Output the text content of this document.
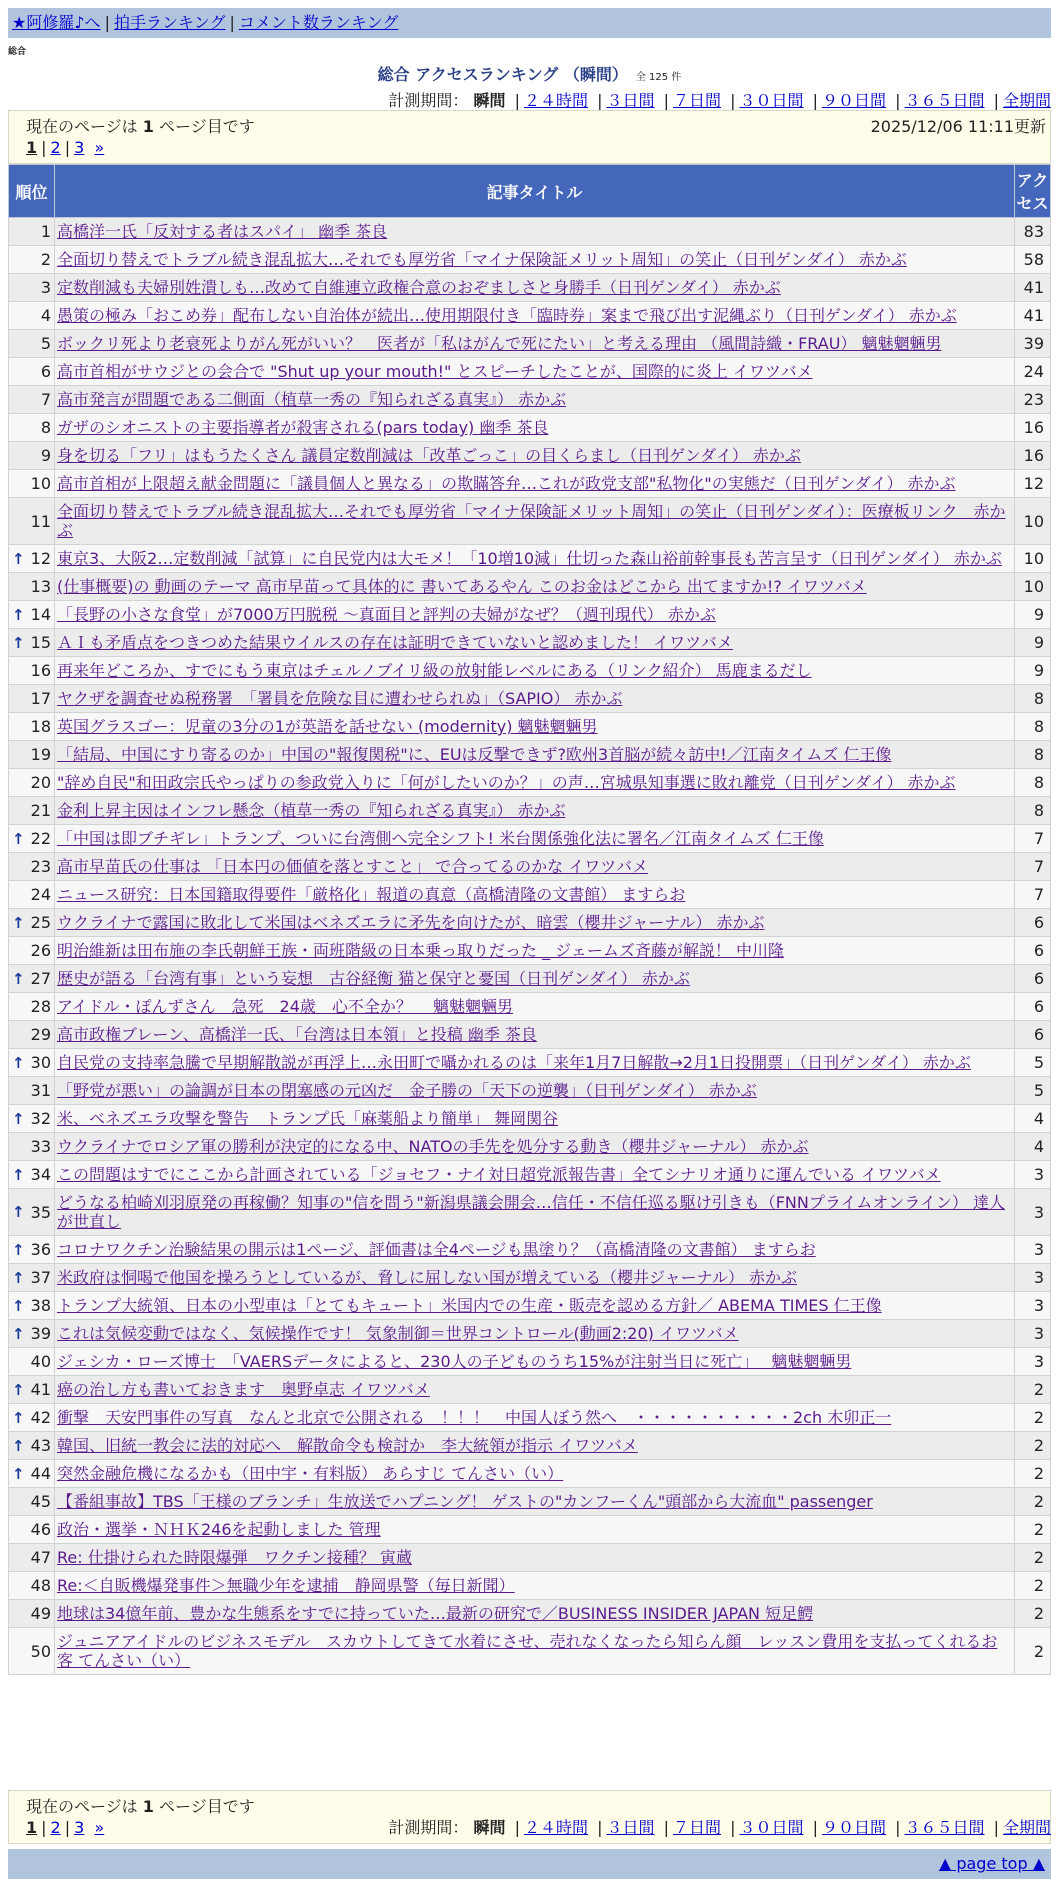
★阿修羅♪へ | 拍手ランキング | コメント数ランキング
総合
総合 アクセスランキング （瞬間） 全 125 件
計測期間： 瞬間 | ２４時間 | ３日間 | ７日間 | ３０日間 | ９０日間 | ３６５日間 | 全期間
現在のページは 1 ページ目です	2025/12/06 11:11更新
1 | 2 | 3 »
順位	記事タイトル	アクセス
1	高橋洋一氏「反対する者はスパイ」 幽季 茶良	83
2	全面切り替えでトラブル続き混乱拡大…それでも厚労省「マイナ保険証メリット周知」の笑止（日刊ゲンダイ） 赤かぶ	58
3	定数削減も夫婦別姓潰しも…改めて自維連立政権合意のおぞましさと身勝手（日刊ゲンダイ） 赤かぶ	41
4	愚策の極み「おこめ券」配布しない自治体が続出…使用期限付き「臨時券」案まで飛び出す泥縄ぶり（日刊ゲンダイ） 赤かぶ	41
5	ボックリ死より老衰死よりがん死がいい？　医者が「私はがんで死にたい」と考える理由 （風間詩織・FRAU） 魑魅魍魎男	39
6	高市首相がサウジとの会合で "Shut up your mouth!" とスピーチしたことが、国際的に炎上 イワツバメ	24
7	高市発言が問題である二側面（植草一秀の『知られざる真実』） 赤かぶ	23
8	ガザのシオニストの主要指導者が殺害される(pars today) 幽季 茶良	16
9	身を切る「フリ」はもうたくさん 議員定数削減は「改革ごっこ」の目くらまし（日刊ゲンダイ） 赤かぶ	16
10	高市首相が上限超え献金問題に「議員個人と異なる」の欺瞞答弁…これが政党支部"私物化"の実態だ（日刊ゲンダイ） 赤かぶ	12
11	全面切り替えでトラブル続き混乱拡大…それでも厚労省「マイナ保険証メリット周知」の笑止（日刊ゲンダイ）：医療板リンク　赤かぶ	10

↑ 12	東京3、大阪2…定数削減「試算」に自民党内は大モメ！「10増10減」仕切った森山裕前幹事長も苦言呈す（日刊ゲンダイ） 赤かぶ	10
13	(仕事概要)の 動画のテーマ 高市早苗って具体的に 書いてあるやん このお金はどこから 出てますか!? イワツバメ	10

↑ 14	「長野の小さな食堂」が7000万円脱税 〜真面目と評判の夫婦がなぜ？（週刊現代） 赤かぶ	9

↑ 15	ＡＩも矛盾点をつきつめた結果ウイルスの存在は証明できていないと認めました！ イワツバメ	9
16	再来年どころか、すでにもう東京はチェルノブイリ級の放射能レベルにある（リンク紹介） 馬鹿まるだし	9
17	ヤクザを調査せぬ税務署　「署員を危険な目に遭わせられぬ」（SAPIO） 赤かぶ	8
18	英国グラスゴー：児童の3分の1が英語を話せない (modernity) 魑魅魍魎男	8
19	「結局、中国にすり寄るのか」中国の"報復関税"に、EUは反撃できず?欧州3首脳が続々訪中!／江南タイムズ 仁王像	8
20	"辞め自民"和田政宗氏やっぱりの参政党入りに「何がしたいのか？」の声…宮城県知事選に敗れ離党（日刊ゲンダイ） 赤かぶ	8
21	金利上昇主因はインフレ懸念（植草一秀の『知られざる真実』） 赤かぶ	8

↑ 22	「中国は即ブチギレ」トランプ、ついに台湾側へ完全シフト! 米台関係強化法に署名／江南タイムズ 仁王像	7
23	高市早苗氏の仕事は 「日本円の価値を落とすこと」 で合ってるのかな イワツバメ	7
24	ニュース研究：日本国籍取得要件「厳格化」報道の真意（高橋清隆の文書館） ますらお	7

↑ 25	ウクライナで露国に敗北して米国はベネズエラに矛先を向けたが、暗雲（櫻井ジャーナル） 赤かぶ	6
26	明治維新は田布施の李氏朝鮮王族・両班階級の日本乗っ取りだった _ ジェームズ斉藤が解説！ 中川隆	6

↑ 27	歴史が語る「台湾有事」という妄想　古谷経衡 猫と保守と憂国（日刊ゲンダイ） 赤かぶ	6
28	アイドル・ぽんずさん　急死　24歳　心不全か？　 魑魅魍魎男	6
29	高市政権ブレーン、高橋洋一氏、「台湾は日本領」と投稿 幽季 茶良	6

↑ 30	自民党の支持率急騰で早期解散説が再浮上…永田町で囁かれるのは「来年1月7日解散→2月1日投開票」（日刊ゲンダイ） 赤かぶ	5
31	「野党が悪い」の論調が日本の閉塞感の元凶だ　金子勝の「天下の逆襲」（日刊ゲンダイ） 赤かぶ	5

↑ 32	米、ベネズエラ攻撃を警告　トランプ氏「麻薬船より簡単」 舞岡関谷	4
33	ウクライナでロシア軍の勝利が決定的になる中、NATOの手先を処分する動き（櫻井ジャーナル） 赤かぶ	4

↑ 34	この問題はすでにここから計画されている「ジョセフ・ナイ対日超党派報告書」全てシナリオ通りに運んでいる イワツバメ	3

↑ 35	どうなる柏崎刈羽原発の再稼働？知事の"信を問う"新潟県議会開会…信任・不信任巡る駆け引きも（FNNプライムオンライン） 達人が世直し	3

↑ 36	コロナワクチン治験結果の開示は1ページ、評価書は全4ページも黒塗り？（高橋清隆の文書館） ますらお	3

↑ 37	米政府は恫喝で他国を操ろうとしているが、脅しに屈しない国が増えている（櫻井ジャーナル） 赤かぶ	3

↑ 38	トランプ大統領、日本の小型車は「とてもキュート」米国内での生産・販売を認める方針／ ABEMA TIMES 仁王像	3

↑ 39	これは気候変動ではなく、気候操作です！ 気象制御＝世界コントロール(動画2:20) イワツバメ	3
40	ジェシカ・ローズ博士　「VAERSデータによると、230人の子どものうち15%が注射当日に死亡」　 魑魅魍魎男	3

↑ 41	癌の治し方も書いておきます　奥野卓志 イワツバメ	2

↑ 42	衝撃　天安門事件の写真　なんと北京で公開される　！！！　中国人ぼう然へ　・・・・・・・・・・2ch 木卯正一	2

↑ 43	韓国、旧統一教会に法的対応へ　解散命令も検討か　李大統領が指示 イワツバメ	2

↑ 44	突然金融危機になるかも（田中宇・有料版） あらすじ てんさい（い）	2
45	【番組事故】TBS「王様のブランチ」生放送でハプニング！ ゲストの"カンフーくん"頭部から大流血" passenger	2
46	政治・選挙・ＮＨＫ246を起動しました 管理	2
47	Re: 仕掛けられた時限爆弾　ワクチン接種？ 寅蔵	2
48	Re:＜自販機爆発事件＞無職少年を逮捕　静岡県警（毎日新聞）	2
49	地球は34億年前、豊かな生態系をすでに持っていた…最新の研究で／BUSINESS INSIDER JAPAN 短足鰐	2
50	ジュニアアイドルのビジネスモデル　スカウトしてきて水着にさせ、売れなくなったら知らん顔　レッスン費用を支払ってくれるお客 てんさい（い）	2
現在のページは 1 ページ目です
1 | 2 | 3 »	計測期間： 瞬間 | ２４時間 | ３日間 | ７日間 | ３０日間 | ９０日間 | ３６５日間 | 全期間
▲ page top ▲
